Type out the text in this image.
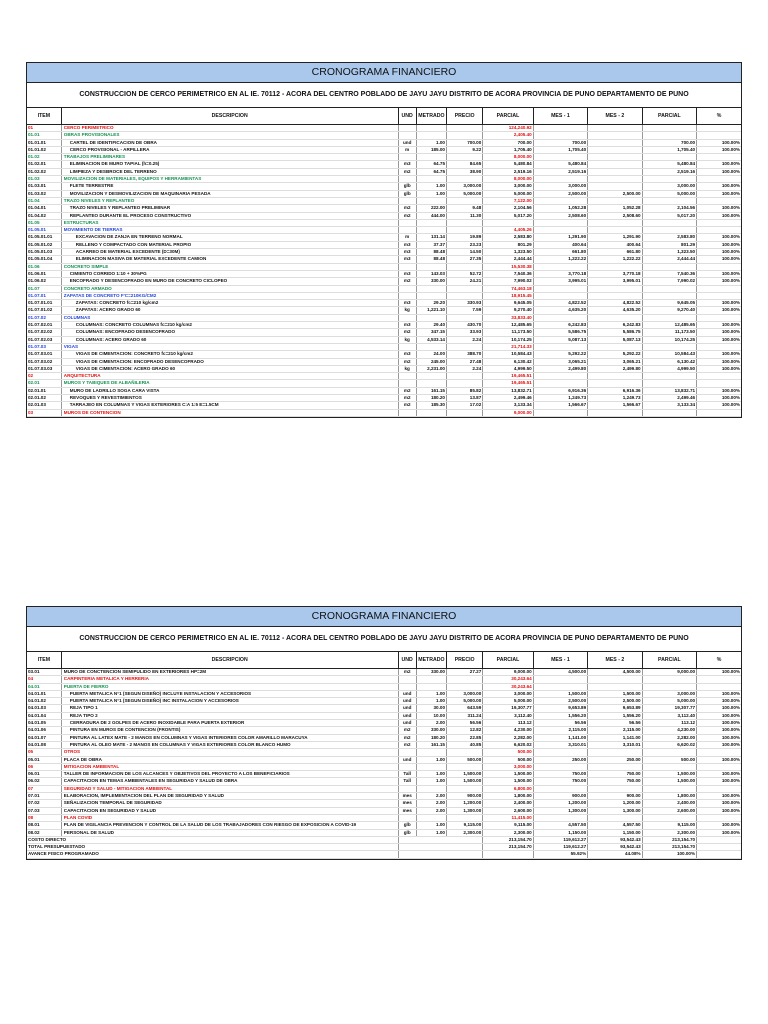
CRONOGRAMA FINANCIERO
CONSTRUCCION DE CERCO PERIMETRICO EN AL IE. 70112 - ACORA DEL CENTRO POBLADO DE JAYU JAYU DISTRITO DE ACORA PROVINCIA DE PUNO DEPARTAMENTO DE PUNO
ITEM	DESCRIPCION	UND	METRADO	PRECIO	PARCIAL	MES - 1	MES - 2	PARCIAL	%
01	CERCO PERIMETRICO				124,240.92				
01.01	OBRAS PROVISIONALES				2,405.40				
01.01.01	CARTEL DE IDENTIFICACION DE OBRA	und	1.00	700.00	700.00	700.00		700.00	100.00%
01.01.02	CERCO PROVISIONAL - ARPILLERA	m	185.00	9.22	1,705.40	1,705.40		1,705.40	100.00%
01.02	TRABAJOS PRELIMINARES				8,000.00				
01.02.01	ELIMINACION DE MURO TAPIAL (h=0.25)	m3	64.75	84.65	5,480.84	5,480.84		5,480.84	100.00%
01.02.02	LIMPIEZA Y DESBROCE DEL TERRENO	m2	64.75	38.90	2,519.16	2,519.16		2,519.16	100.00%
01.03	MOVILIZACION DE MATERIALES, EQUIPOS Y HERRAMIENTAS				8,000.00				
01.03.01	FLETE TERRESTRE	glb	1.00	3,000.00	3,000.00	3,000.00		3,000.00	100.00%
01.03.02	MOVILIZACION Y DESMOVILIZACION DE MAQUINARIA PESADA	glb	1.00	5,000.00	5,000.00	2,500.00	2,500.00	5,000.00	100.00%
01.04	TRAZO NIVELES Y REPLANTEO				7,122.00				
01.04.01	TRAZO NIVELES Y REPLANTEO PRELIMINAR	m2	222.00	9.48	2,104.56	1,052.28	1,052.28	2,104.56	100.00%
01.04.02	REPLANTEO DURANTE EL PROCESO CONSTRUCTIVO	m2	444.00	11.30	5,017.20	2,508.60	2,508.60	5,017.20	100.00%
01.05	ESTRUCTURAS								
01.05.01	MOVIMIENTO DE TIERRAS				4,405.26				
01.05.01.01	EXCAVACION DE ZANJA EN TERRENO NORMAL	m	131.14	19.89	2,583.80	1,291.90	1,291.90	2,583.80	100.00%
01.05.01.02	RELLENO Y COMPACTADO CON MATERIAL PROPIO	m3	37.37	23.23	801.29	400.64	400.64	801.29	100.00%
01.05.01.03	ACARREO DE MATERIAL EXCEDENTE (D=30M)	m3	88.48	14.50	1,323.50	661.80	661.80	1,323.50	100.00%
01.05.01.04	ELIMINACION MASIVA DE MATERIAL EXCEDENTE CAMION	m3	88.48	27.35	2,444.44	1,222.22	1,222.22	2,444.44	100.00%
01.06	CONCRETO SIMPLE				15,530.38				
01.06.01	CIMIENTO CORRIDO 1:10 + 30%PG	m3	143.03	52.72	7,540.36	3,770.18	3,770.18	7,540.36	100.00%
01.06.02	ENCOFRADO Y DESENCOFRADO EN MURO DE CONCRETO CICLOPEO	m2	330.00	24.21	7,990.02	3,995.01	3,995.01	7,990.02	100.00%
01.07	CONCRETO ARMADO				74,463.18				
01.07.01	ZAPATAS DE CONCRETO F'C=210KG/CM2				18,915.45				
01.07.01.01	ZAPATAS: CONCRETO fc=210 kg/cm2	m3	29.20	330.93	9,645.05	4,822.52	4,822.52	9,645.05	100.00%
01.07.01.02	ZAPATAS: ACERO GRADO 60	kg	1,221.10	7.59	9,270.40	4,635.20	4,635.20	9,270.40	100.00%
01.07.02	COLUMNAS				33,833.40				
01.07.02.01	COLUMNAS: CONCRETO COLUMNAS fc=210 kg/cm2	m3	29.40	430.70	12,485.65	6,242.83	6,242.83	12,485.65	100.00%
01.07.02.02	COLUMNAS: ENCOFRADO DESENCOFRADO	m2	347.15	33.93	11,173.50	5,586.75	5,586.75	11,173.50	100.00%
01.07.02.03	COLUMNAS: ACERO GRADO 60	kg	4,533.14	2.24	10,174.25	5,087.13	5,087.13	10,174.25	100.00%
01.07.03	VIGAS				21,714.33				
01.07.03.01	VIGAS DE CIMENTACION: CONCRETO fc=210 kg/cm2	m3	24.00	388.70	10,584.43	5,292.22	5,292.22	10,584.43	100.00%
01.07.03.02	VIGAS DE CIMENTACION: ENCOFRADO DESENCOFRADO	m2	245.00	27.48	6,130.42	3,065.21	3,065.21	6,130.42	100.00%
01.07.03.03	VIGAS DE CIMENTACION: ACERO GRADO 60	kg	2,231.00	2.24	4,999.50	2,499.80	2,499.80	4,999.50	100.00%
02	ARQUITECTURA				19,465.51				
02.01	MUROS Y TABIQUES DE ALBAÑILERIA				19,465.51				
02.01.01	MURO DE LADRILLO SOGA CARA VISTA	m2	161.15	85.82	13,832.71	6,916.36	6,916.36	13,832.71	100.00%
02.01.02	REVOQUES Y REVESTIMIENTOS	m2	180.20	13.87	2,499.46	1,249.73	1,249.73	2,499.46	100.00%
02.01.03	TARRAJEO EN COLUMNAS Y VIGAS EXTERIORES C:A 1:5 E=1.5CM	m2	185.30	17.02	3,133.34	1,566.67	1,566.67	3,133.34	100.00%
03	MUROS DE CONTENCION				9,000.00				
CRONOGRAMA FINANCIERO
CONSTRUCCION DE CERCO PERIMETRICO EN AL IE. 70112 - ACORA DEL CENTRO POBLADO DE JAYU JAYU DISTRITO DE ACORA PROVINCIA DE PUNO DEPARTAMENTO DE PUNO
ITEM	DESCRIPCION	UND	METRADO	PRECIO	PARCIAL	MES - 1	MES - 2	PARCIAL	%
03.01	MURO DE CONCTENCION SEMIPULIDO EN EXTERIORES HP=2M	m2	330.00	27.27	9,000.00	4,500.00	4,500.00	9,000.00	100.00%
04	CARPINTERIA METALICA Y HERRERIA				30,243.64				
04.01	PUERTA DE FIERRO				30,243.64				
04.01.01	PUERTA METALICA N°1 (SEGUN DISEÑO) INCLUYE INSTALACION Y ACCESORIOS	und	1.00	3,000.00	3,000.00	1,500.00	1,500.00	3,000.00	100.00%
04.01.02	PUERTA METALICA N°1 (SEGUN DISEÑO) INC INSTALACION Y ACCESORIOS	und	1.00	5,000.00	5,000.00	2,500.00	2,500.00	5,000.00	100.00%
04.01.03	REJA TIPO 1	und	30.00	643.59	19,307.77	9,653.89	9,653.89	19,307.77	100.00%
04.01.04	REJA TIPO 2	und	10.00	311.24	3,112.40	1,556.20	1,556.20	3,112.40	100.00%
04.01.05	CERRADURA DE 2 GOLPES DE ACERO INOXIDABLE PARA PUERTA EXTERIOR	und	2.00	56.56	113.12	56.56	56.56	113.12	100.00%
04.01.06	PINTURA EN MUROS DE CONTENCION (FRONTIS)	m2	330.00	12.82	4,230.00	2,115.00	2,115.00	4,230.00	100.00%
04.01.07	PINTURA AL LATEX MATE - 2 MANOS EN COLUMNAS Y VIGAS INTERIORES COLOR AMARILLO MARACUYA	m2	180.20	22.85	2,282.00	1,141.00	1,141.00	2,282.00	100.00%
04.01.08	PINTURA AL OLEO MATE - 2 MANOS EN COLUMNAS Y VIGAS EXTERIORES COLOR BLANCO HUMO	m2	161.15	40.85	6,620.02	3,310.01	3,310.01	6,620.02	100.00%
05	OTROS				500.00				
05.01	PLACA DE OBRA	und	1.00	500.00	500.00	250.00	250.00	500.00	100.00%
06	MITIGACION AMBIENTAL				3,000.00				
06.01	TALLER DE INFORMACION DE LOS ALCANCES Y OBJETIVOS DEL PROYECTO A LOS BENEFICIARIOS	Tall	1.00	1,500.00	1,500.00	750.00	750.00	1,500.00	100.00%
06.02	CAPACITACION EN TEMAS AMBIENTALES EN SEGURIDAD Y SALUD DE OBRA	Tall	1.00	1,500.00	1,500.00	750.00	750.00	1,500.00	100.00%
07	SEGURIDAD Y SALUD - MITIGACION AMBIENTAL				6,800.00				
07.01	ELABORACION, IMPLEMENTACION DEL PLAN DE SEGURIDAD Y SALUD	mes	2.00	900.00	1,800.00	900.00	900.00	1,800.00	100.00%
07.02	SEÑALIZACION TEMPORAL DE SEGURIDAD	mes	2.00	1,200.00	2,400.00	1,200.00	1,200.00	2,400.00	100.00%
07.03	CAPACITACION EN SEGURIDAD Y SALUD	mes	2.00	1,300.00	2,600.00	1,300.00	1,300.00	2,600.00	100.00%
08	PLAN COVID				11,415.00				
08.01	PLAN DE VIGILANCIA PREVENCION Y CONTROL DE LA SALUD DE LOS TRABAJADORES CON RIESGO DE EXPOSICION A COVID-19	glb	1.00	9,115.00	9,115.00	4,557.50	4,557.50	9,115.00	100.00%
08.02	PERSONAL DE SALUD	glb	1.00	2,300.00	2,300.00	1,150.00	1,150.00	2,300.00	100.00%
COSTO DIRECTO					213,154.70	119,612.27	93,542.43	213,154.70	
TOTAL PRESUPUESTADO					213,154.70	119,612.27	93,542.43	213,154.70	
AVANCE FISICO PROGRAMADO						55.92%	44.08%	100.00%	
